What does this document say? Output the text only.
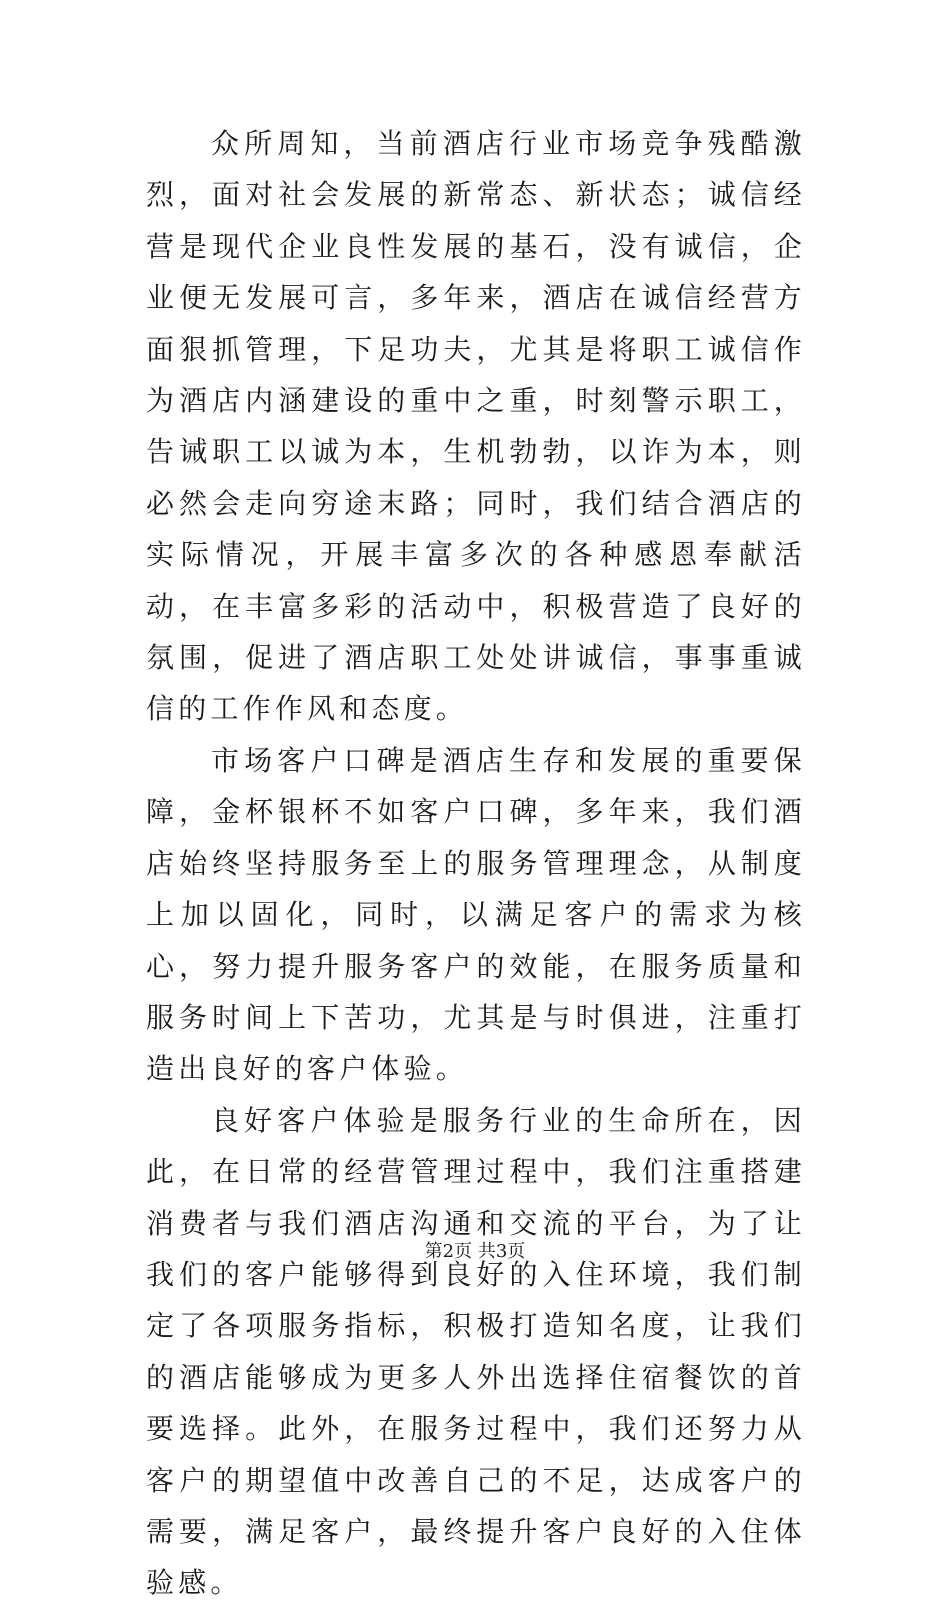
众所周知，当前酒店行业市场竞争残酷激烈，面对社会发展的新常态、新状态；诚信经营是现代企业良性发展的基石，没有诚信，企业便无发展可言，多年来，酒店在诚信经营方面狠抓管理，下足功夫，尤其是将职工诚信作为酒店内涵建设的重中之重，时刻警示职工，告诫职工以诚为本，生机勃勃，以诈为本，则必然会走向穷途末路；同时，我们结合酒店的实际情况，开展丰富多次的各种感恩奉献活动，在丰富多彩的活动中，积极营造了良好的氛围，促进了酒店职工处处讲诚信，事事重诚信的工作作风和态度。

市场客户口碑是酒店生存和发展的重要保障，金杯银杯不如客户口碑，多年来，我们酒店始终坚持服务至上的服务管理理念，从制度上加以固化，同时，以满足客户的需求为核心，努力提升服务客户的效能，在服务质量和服务时间上下苦功，尤其是与时俱进，注重打造出良好的客户体验。

良好客户体验是服务行业的生命所在，因此，在日常的经营管理过程中，我们注重搭建消费者与我们酒店沟通和交流的平台，为了让我们的客户能够得到良好的入住环境，我们制定了各项服务指标，积极打造知名度，让我们的酒店能够成为更多人外出选择住宿餐饮的首要选择。此外，在服务过程中，我们还努力从客户的期望值中改善自己的不足，达成客户的需要，满足客户，最终提升客户良好的入住体验感。

第2页 共3页
